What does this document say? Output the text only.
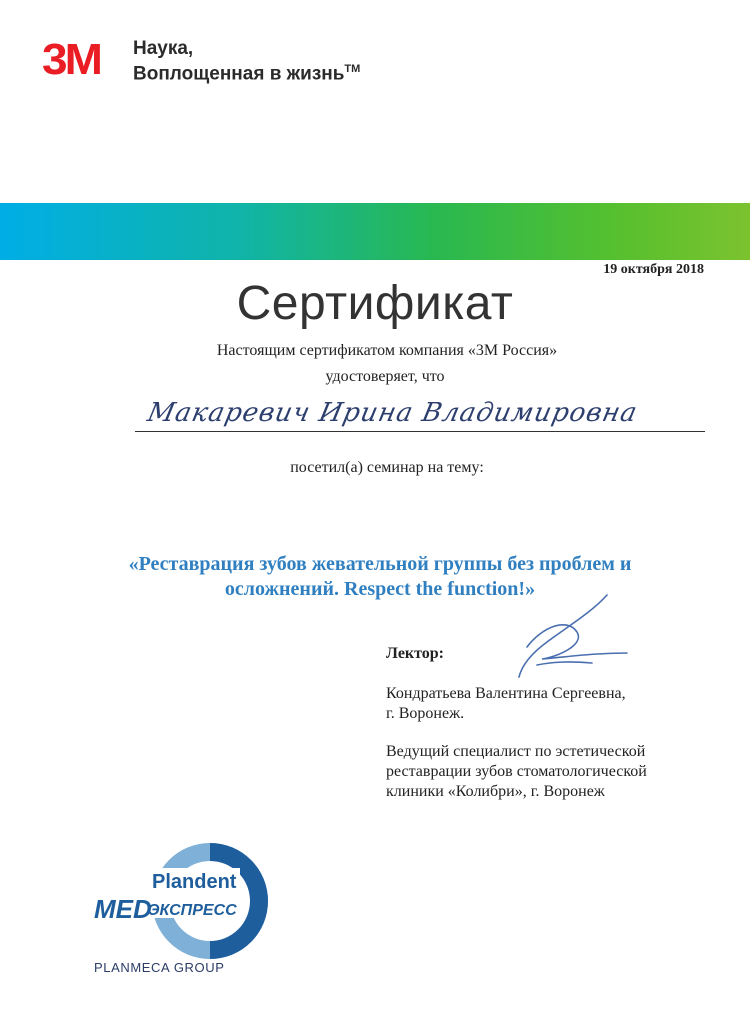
3M Наука,
Воплощенная в жизнь™
19 октября 2018
Сертификат
Настоящим сертификатом компания «3М Россия»
удостоверяет, что
Макаревич Ирина Владимировна
посетил(а) семинар на тему:
«Реставрация зубов жевательной группы без проблем и
осложнений. Respect the function!»
Лектор:
Кондратьева Валентина Сергеевна,
г. Воронеж.
Ведущий специалист по эстетической
реставрации зубов стоматологической
клиники «Колибри», г. Воронеж
Plandent
MED
ЭКСПРЕСС
PLANMECA GROUP
